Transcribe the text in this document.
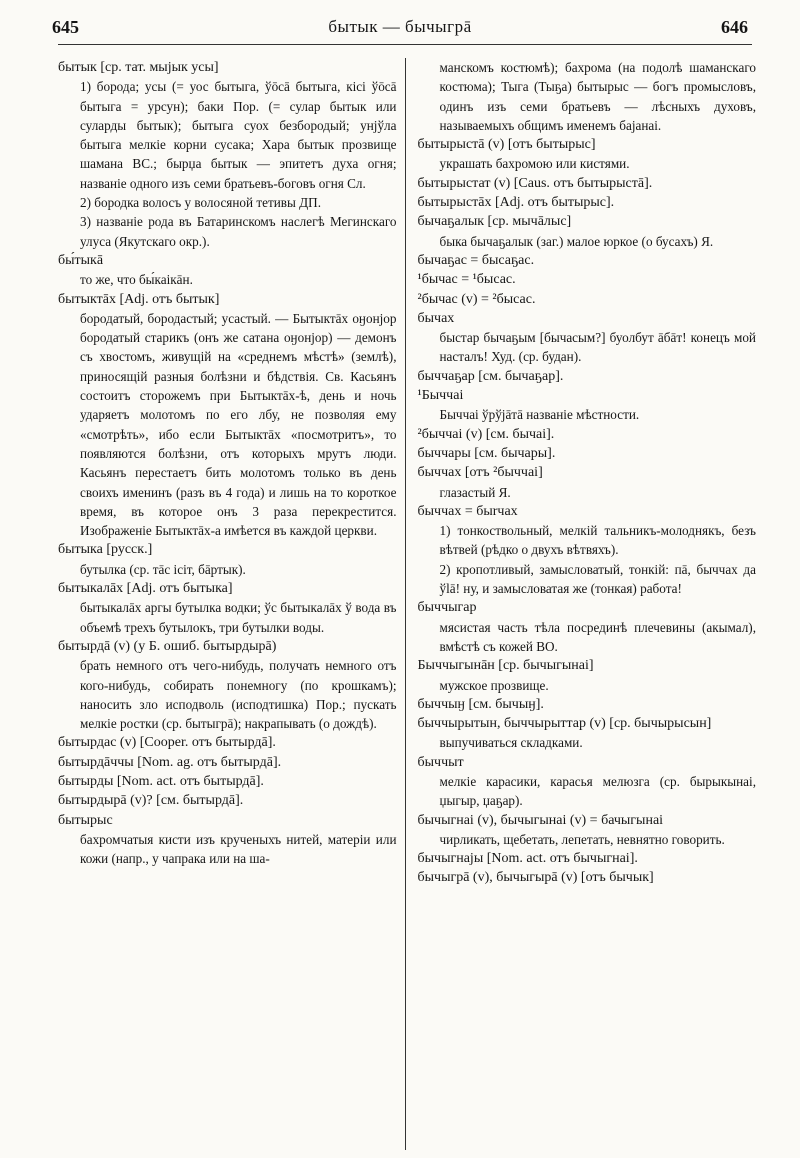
645	бытык — бычыгрā	646
бытык [ср. тат. мыјык усы]
1) борода; усы (= уос бытыга, ўōсā бытыга, кісі ўōсā бытыга = урсун); баки Пор. (= сулар бытык или суларды бытык); бытыга суох безбородый; унјўла бытыга мелкіе корни сусака; Хара бытык прозвище шамана ВС.; бырџа бытык — эпитетъ духа огня; названіе одного изъ семи братьевъ-боговъ огня Сл.
2) бородка волосъ у волосяной тетивы ДП.
3) названіе рода въ Батаринскомъ наслегѣ Мегинскаго улуса (Якутскаго окр.).
бы́тыкā
то же, что бы́каікāн.
бытыктāх [Adj. отъ бытык]
бородатый, бородастый; усастый. — Бытыктāх оӈонјор бородатый старикъ (онъ же сатана оӈонјор) — демонъ съ хвостомъ, живущій на «среднемъ мѣстѣ» (землѣ), приносящій разныя болѣзни и бѣдствія. Св. Касьянъ состоитъ сторожемъ при Бытыктāх-ѣ, день и ночь ударяетъ молотомъ по его лбу, не позволяя ему «смотрѣть», ибо если Бытыктāх «посмотритъ», то появляются болѣзни, отъ которыхъ мрутъ люди. Касьянъ перестаетъ бить молотомъ только въ день своихъ именинъ (разъ въ 4 года) и лишь на то короткое время, въ которое онъ 3 раза перекрестится. Изображеніе Бытыктāх-а имѣется въ каждой церкви.
бытыка [русск.]
бутылка (ср. тāс ісіт, бāртык).
бытыкалāх [Adj. отъ бытыка]
бытыкалāх аргы бутылка водки; ўс бытыкалāх ў вода въ объемѣ трехъ бутылокъ, три бутылки воды.
бытырдā (v) (у Б. ошиб. бытырдырā)
брать немного отъ чего-нибудь, получать немного отъ кого-нибудь, собирать понемногу (по крошкамъ); наносить зло исподволь (исподтишка) Пор.; пускать мелкіе ростки (ср. бытыгрā); накрапывать (о дождѣ).
бытырдас (v) [Cooper. отъ бытырдā].
бытырдāччы [Nom. ag. отъ бытырдā].
бытырды [Nom. act. отъ бытырдā].
бытырдырā (v)? [см. бытырдā].
бытырыс
бахромчатыя кисти изъ крученыхъ нитей, матеріи или кожи (напр., у чапрака или на ша-
манскомъ костюмѣ); бахрома (на подолѣ шаманскаго костюма); Тыга (Тыҕа) бытырыс — богъ промысловъ, одинъ изъ семи братьевъ — лѣсныхъ духовъ, называемыхъ общимъ именемъ бајанаі.
бытырыстā (v) [отъ бытырыс]
украшать бахромою или кистями.
бытырыстат (v) [Caus. отъ бытырыстā].
бытырыстāх [Adj. отъ бытырыс].
бычаҕалык [ср. мычāлыс]
быка бычаҕалык (заг.) малое юркое (о бусахъ) Я.
бычаҕас = бысаҕас.
¹бычас = ¹бысас.
²бычас (v) = ²бысас.
бычах
быстар бычаҕым [бычасым?] буолбут āбāт! конецъ мой насталъ! Худ. (ср. будан).
быччаҕар [см. бычаҕар].
¹Быччаі
Быччаі ўрўјāтā названіе мѣстности.
²быччаі (v) [см. бычаі].
быччары [см. бычары].
быччах [отъ ²быччаі]
глазастый Я.
быччах = быrчах
1) тонкоствольный, мелкій тальникъ-молоднякъ, безъ вѣтвей (рѣдко о двухъ вѣтвяхъ).
2) кропотливый, замысловатый, тонкій: пā, быччах да ўlā! ну, и замысловатая же (тонкая) работа!
быччыгар
мясистая часть тѣла посрединѣ плечевины (акымал), вмѣстѣ съ кожей ВО.
Быччыгынāн [ср. бычыгынаі]
мужское прозвище.
быччыӈ [см. бычыӈ].
быччырытын, быччырыттар (v) [ср. бычырысын]
выпучиваться складками.
быччыт
мелкіе карасики, карасья мелюзга (ср. бырыкынаі, џыгыр, џаҕар).
бычыгнаі (v), бычыгынаі (v) = бачыгынаі
чирликать, щебетать, лепетать, невнятно говорить.
бычыгнаjы [Nom. act. отъ бычыгнаі].
бычыгрā (v), бычыгырā (v) [отъ бычык]
